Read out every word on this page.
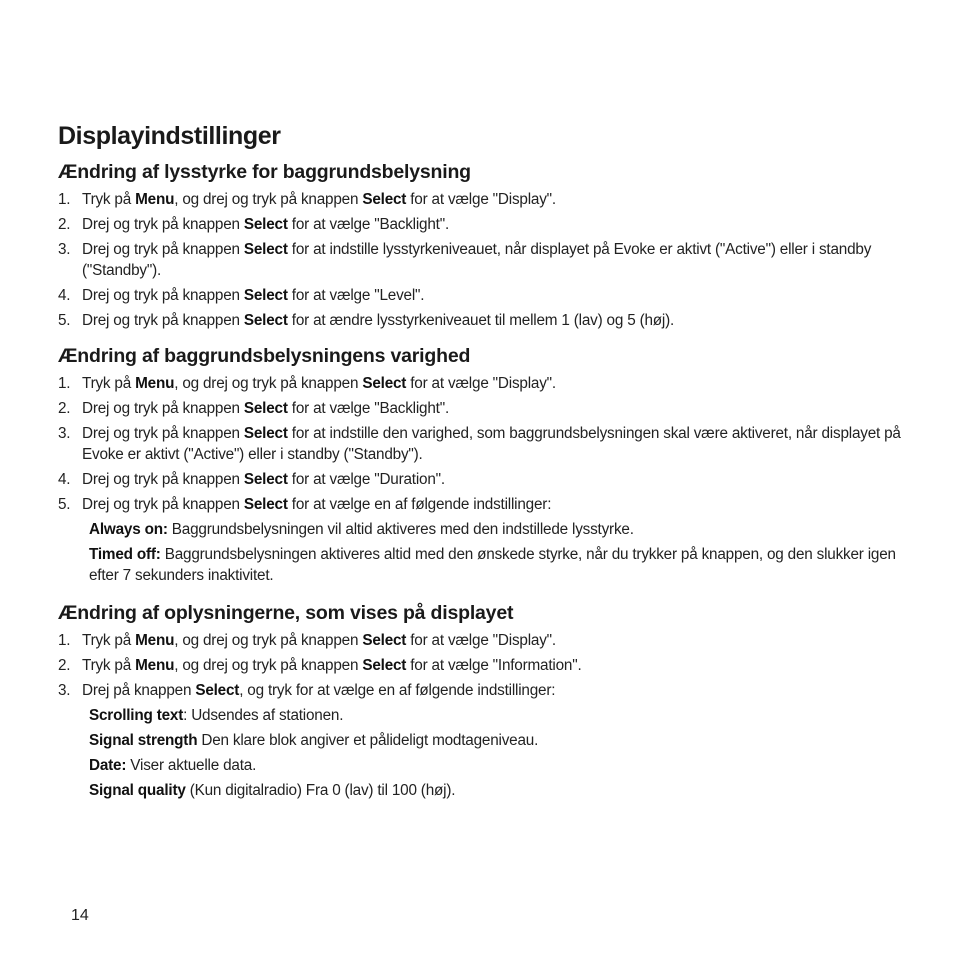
Displayindstillinger
Ændring af lysstyrke for baggrundsbelysning
1. Tryk på Menu, og drej og tryk på knappen Select for at vælge "Display".
2. Drej og tryk på knappen Select for at vælge "Backlight".
3. Drej og tryk på knappen Select for at indstille lysstyrkeniveauet, når displayet på Evoke er aktivt ("Active") eller i standby ("Standby").
4. Drej og tryk på knappen Select for at vælge "Level".
5. Drej og tryk på knappen Select for at ændre lysstyrkeniveauet til mellem 1 (lav) og 5 (høj).
Ændring af baggrundsbelysningens varighed
1. Tryk på Menu, og drej og tryk på knappen Select for at vælge "Display".
2. Drej og tryk på knappen Select for at vælge "Backlight".
3. Drej og tryk på knappen Select for at indstille den varighed, som baggrundsbelysningen skal være aktiveret, når displayet på Evoke er aktivt ("Active") eller i standby ("Standby").
4. Drej og tryk på knappen Select for at vælge "Duration".
5. Drej og tryk på knappen Select for at vælge en af følgende indstillinger:
Always on: Baggrundsbelysningen vil altid aktiveres med den indstillede lysstyrke.
Timed off: Baggrundsbelysningen aktiveres altid med den ønskede styrke, når du trykker på knappen, og den slukker igen efter 7 sekunders inaktivitet.
Ændring af oplysningerne, som vises på displayet
1. Tryk på Menu, og drej og tryk på knappen Select for at vælge "Display".
2. Tryk på Menu, og drej og tryk på knappen Select for at vælge "Information".
3. Drej på knappen Select, og tryk for at vælge en af følgende indstillinger:
Scrolling text: Udsendes af stationen.
Signal strength Den klare blok angiver et pålideligt modtageniveau.
Date: Viser aktuelle data.
Signal quality (Kun digitalradio) Fra 0 (lav) til 100 (høj).
14
